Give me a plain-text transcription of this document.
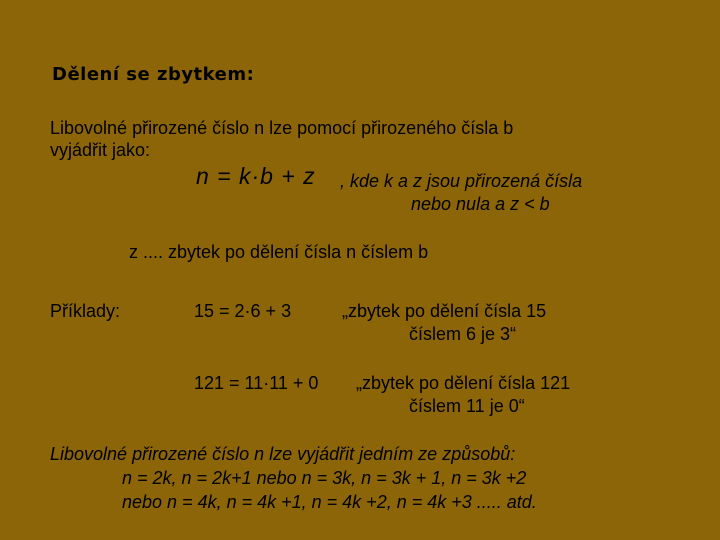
Dělení se zbytkem:
Libovolné přirozené číslo n lze pomocí přirozeného čísla b
vyjádřit jako:
n = k·b + z , kde k a z jsou přirozená čísla
nebo nula a z < b
z .... zbytek po dělení čísla n číslem b
Příklady:	15 = 2·6 + 3	„zbytek po dělení čísla 15
číslem 6 je 3“
121 = 11·11 + 0 „zbytek po dělení čísla 121
číslem 11 je 0“
Libovolné přirozené číslo n lze vyjádřit jedním ze způsobů:
n = 2k, n = 2k+1 nebo n = 3k, n = 3k + 1, n = 3k +2
nebo n = 4k, n = 4k +1, n = 4k +2, n = 4k +3 ..... atd.
